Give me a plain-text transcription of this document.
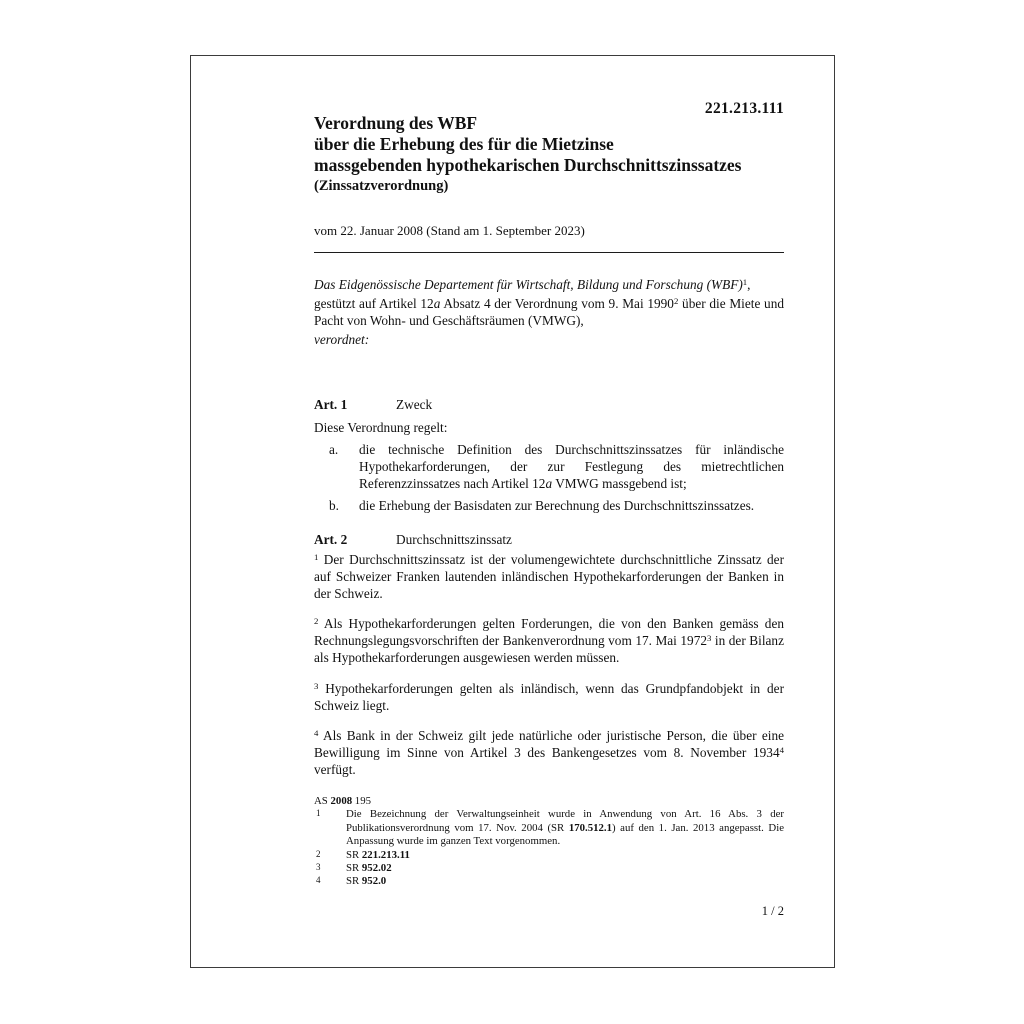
221.213.111
Verordnung des WBF
über die Erhebung des für die Mietzinse
massgebenden hypothekarischen Durchschnittszinssatzes
(Zinssatzverordnung)
vom 22. Januar 2008 (Stand am 1. September 2023)

Das Eidgenössische Departement für Wirtschaft, Bildung und Forschung (WBF)$^1$,

gestützt auf Artikel 12a Absatz 4 der Verordnung vom 9. Mai 1990$^2$ über die Miete und Pacht von Wohn- und Geschäftsräumen (VMWG),

verordnet:

Art. 1	Zweck
Diese Verordnung regelt:
a. die technische Definition des Durchschnittszinssatzes für inländische Hypothekarforderungen, der zur Festlegung des mietrechtlichen Referenzzinssatzes nach Artikel 12a VMWG massgebend ist;
b. die Erhebung der Basisdaten zur Berechnung des Durchschnittszinssatzes.
Art. 2	Durchschnittszinssatz

$^1$ Der Durchschnittszinssatz ist der volumengewichtete durchschnittliche Zinssatz der auf Schweizer Franken lautenden inländischen Hypothekarforderungen der Banken in der Schweiz.

$^2$ Als Hypothekarforderungen gelten Forderungen, die von den Banken gemäss den Rechnungslegungsvorschriften der Bankenverordnung vom 17. Mai 1972$^3$ in der Bilanz als Hypothekarforderungen ausgewiesen werden müssen.

$^3$ Hypothekarforderungen gelten als inländisch, wenn das Grundpfandobjekt in der Schweiz liegt.

$^4$ Als Bank in der Schweiz gilt jede natürliche oder juristische Person, die über eine Bewilligung im Sinne von Artikel 3 des Bankengesetzes vom 8. November 1934$^4$ verfügt.

AS 2008 195
1 Die Bezeichnung der Verwaltungseinheit wurde in Anwendung von Art. 16 Abs. 3 der Publikationsverordnung vom 17. Nov. 2004 (SR 170.512.1) auf den 1. Jan. 2013 angepasst. Die Anpassung wurde im ganzen Text vorgenommen.
2 SR 221.213.11
3 SR 952.02
4 SR 952.0
1 / 2
